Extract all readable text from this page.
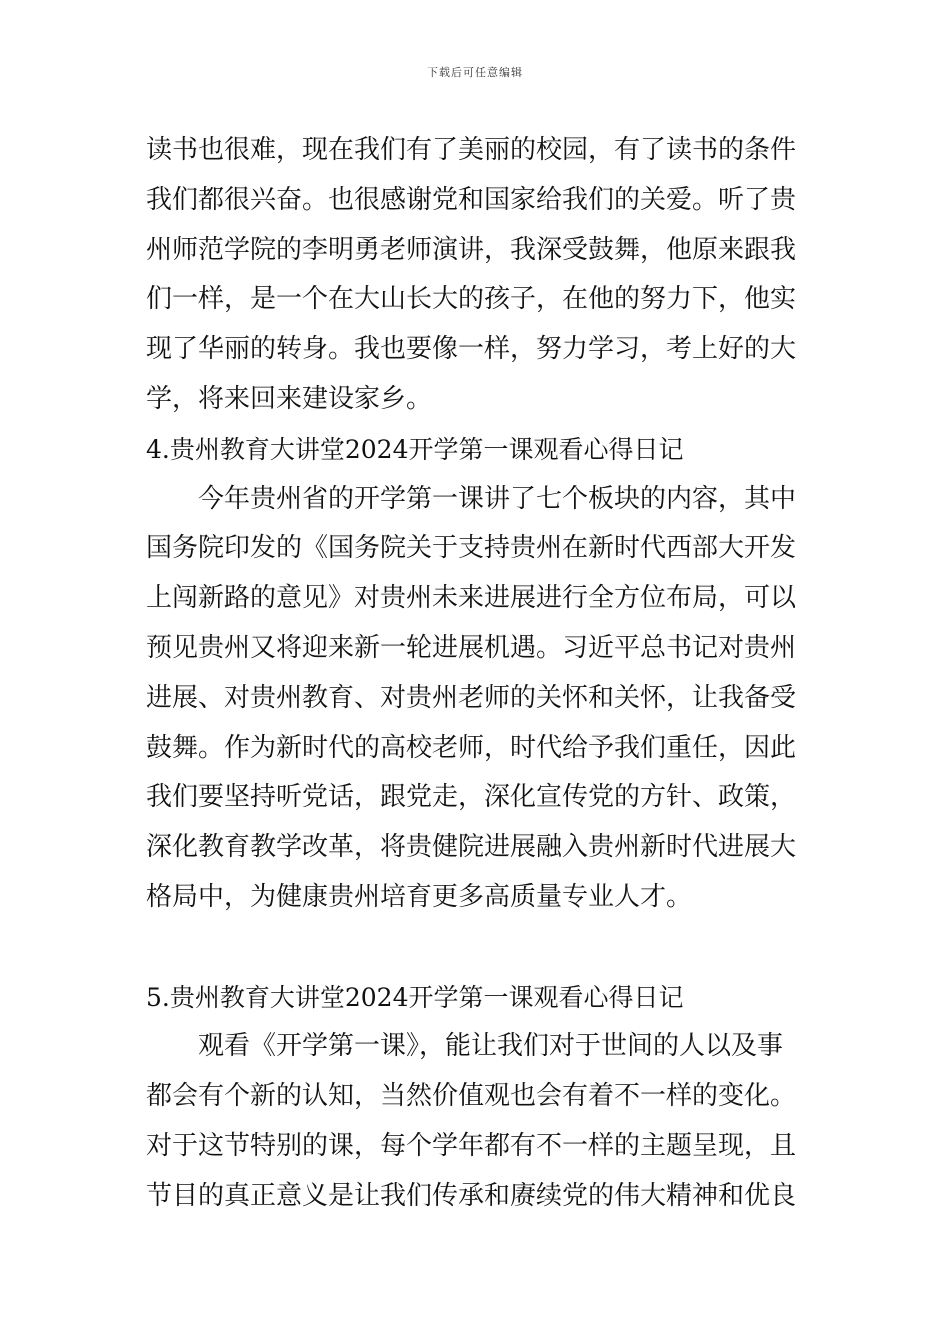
下载后可任意编辑
读书也很难，现在我们有了美丽的校园，有了读书的条件
我们都很兴奋。也很感谢党和国家给我们的关爱。听了贵
州师范学院的李明勇老师演讲，我深受鼓舞，他原来跟我
们一样，是一个在大山长大的孩子，在他的努力下，他实
现了华丽的转身。我也要像一样，努力学习，考上好的大
学，将来回来建设家乡。
4.贵州教育大讲堂2024开学第一课观看心得日记
今年贵州省的开学第一课讲了七个板块的内容，其中
国务院印发的《国务院关于支持贵州在新时代西部大开发
上闯新路的意见》对贵州未来进展进行全方位布局，可以
预见贵州又将迎来新一轮进展机遇。习近平总书记对贵州
进展、对贵州教育、对贵州老师的关怀和关怀，让我备受
鼓舞。作为新时代的高校老师，时代给予我们重任，因此
我们要坚持听党话，跟党走，深化宣传党的方针、政策，
深化教育教学改革，将贵健院进展融入贵州新时代进展大
格局中，为健康贵州培育更多高质量专业人才。
5.贵州教育大讲堂2024开学第一课观看心得日记
观看《开学第一课》，能让我们对于世间的人以及事
都会有个新的认知，当然价值观也会有着不一样的变化。
对于这节特别的课，每个学年都有不一样的主题呈现，且
节目的真正意义是让我们传承和赓续党的伟大精神和优良
